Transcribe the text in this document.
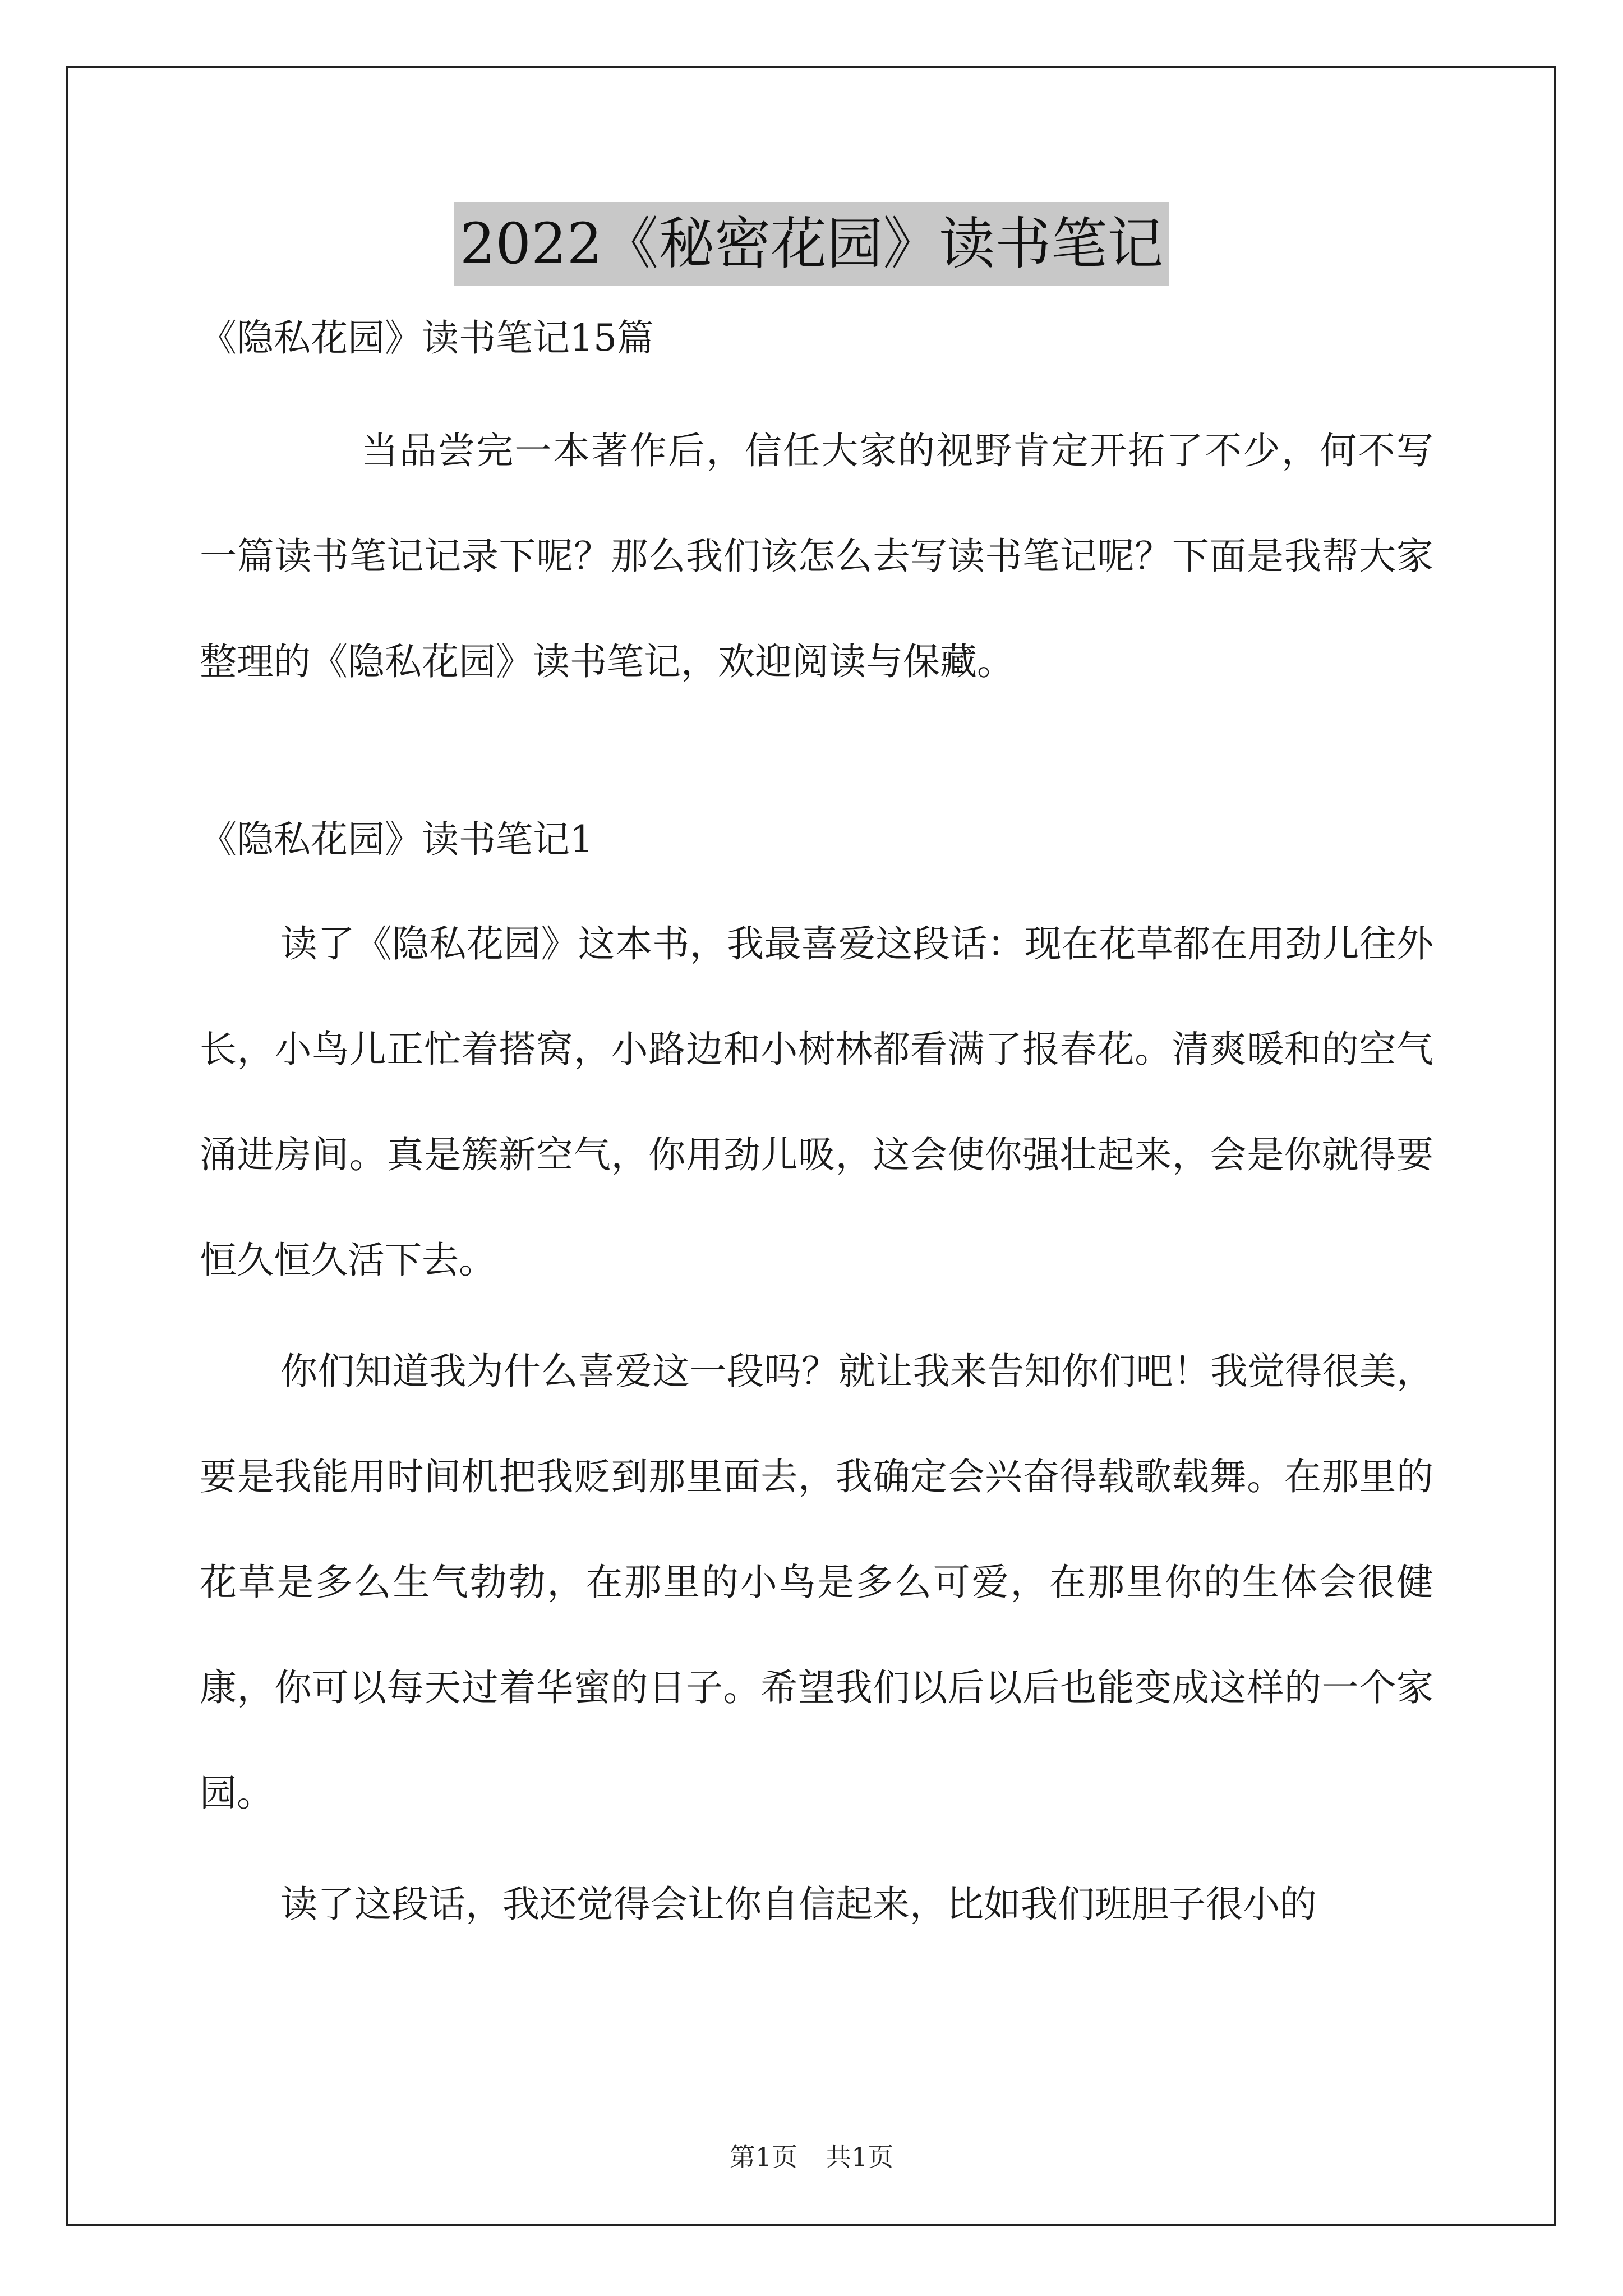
2022《秘密花园》读书笔记

《隐私花园》读书笔记15篇

当品尝完一本著作后，信任大家的视野肯定开拓了不少，何不写一篇读书笔记记录下呢？那么我们该怎么去写读书笔记呢？下面是我帮大家整理的《隐私花园》读书笔记，欢迎阅读与保藏。

《隐私花园》读书笔记1

读了《隐私花园》这本书，我最喜爱这段话：现在花草都在用劲儿往外长，小鸟儿正忙着搭窝，小路边和小树林都看满了报春花。清爽暖和的空气涌进房间。真是簇新空气，你用劲儿吸，这会使你强壮起来，会是你就得要恒久恒久活下去。

你们知道我为什么喜爱这一段吗？就让我来告知你们吧！我觉得很美，要是我能用时间机把我贬到那里面去，我确定会兴奋得载歌载舞。在那里的花草是多么生气勃勃，在那里的小鸟是多么可爱，在那里你的生体会很健康，你可以每天过着华蜜的日子。希望我们以后以后也能变成这样的一个家园。

读了这段话，我还觉得会让你自信起来，比如我们班胆子很小的

第1页 共1页
